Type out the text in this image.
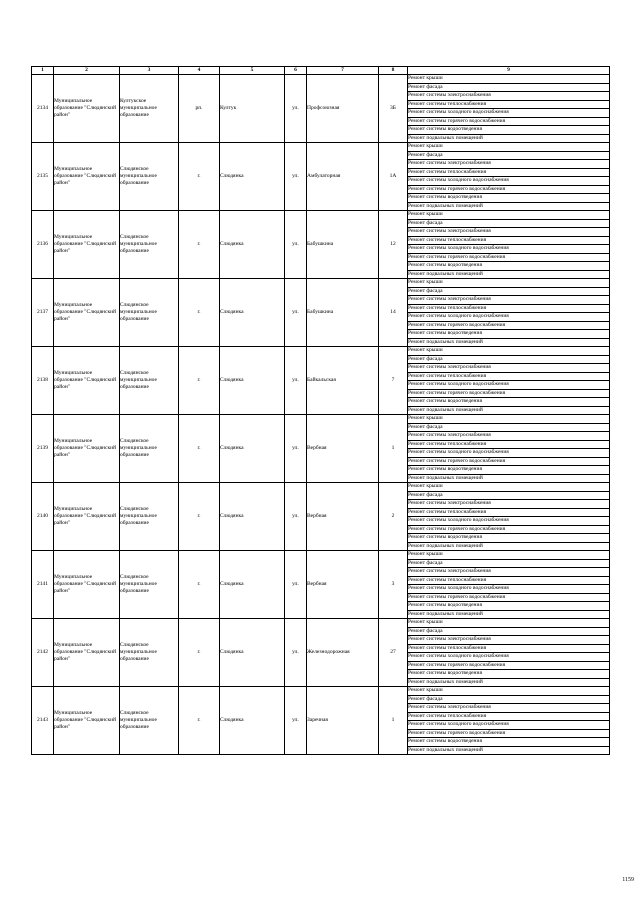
1	2	3	4	5	6	7	8	9
2134	Муниципальное образование "Слюдянский район"	Култукское муниципальное образование	рп.	Култук	ул.	Профсоюзная	3Б	Ремонт крыши
								Ремонт фасада
								Ремонт системы электроснабжения
								Ремонт системы теплоснабжения
								Ремонт системы холодного водоснабжения
								Ремонт системы горячего водоснабжения
								Ремонт системы водоотведения
								Ремонт подвальных помещений
2135	Муниципальное образование "Слюдянский район"	Слюдянское муниципальное образование	г.	Слюдянка	ул.	Амбулаторная	1А	Ремонт крыши
								Ремонт фасада
								Ремонт системы электроснабжения
								Ремонт системы теплоснабжения
								Ремонт системы холодного водоснабжения
								Ремонт системы горячего водоснабжения
								Ремонт системы водоотведения
								Ремонт подвальных помещений
2136	Муниципальное образование "Слюдянский район"	Слюдянское муниципальное образование	г.	Слюдянка	ул.	Бабушкина	12	Ремонт крыши
								Ремонт фасада
								Ремонт системы электроснабжения
								Ремонт системы теплоснабжения
								Ремонт системы холодного водоснабжения
								Ремонт системы горячего водоснабжения
								Ремонт системы водоотведения
								Ремонт подвальных помещений
2137	Муниципальное образование "Слюдянский район"	Слюдянское муниципальное образование	г.	Слюдянка	ул.	Бабушкина	14	Ремонт крыши
								Ремонт фасада
								Ремонт системы электроснабжения
								Ремонт системы теплоснабжения
								Ремонт системы холодного водоснабжения
								Ремонт системы горячего водоснабжения
								Ремонт системы водоотведения
								Ремонт подвальных помещений
2138	Муниципальное образование "Слюдянский район"	Слюдянское муниципальное образование	г.	Слюдянка	ул.	Байкальская	7	Ремонт крыши
								Ремонт фасада
								Ремонт системы электроснабжения
								Ремонт системы теплоснабжения
								Ремонт системы холодного водоснабжения
								Ремонт системы горячего водоснабжения
								Ремонт системы водоотведения
								Ремонт подвальных помещений
2139	Муниципальное образование "Слюдянский район"	Слюдянское муниципальное образование	г.	Слюдянка	ул.	Вербная	1	Ремонт крыши
								Ремонт фасада
								Ремонт системы электроснабжения
								Ремонт системы теплоснабжения
								Ремонт системы холодного водоснабжения
								Ремонт системы горячего водоснабжения
								Ремонт системы водоотведения
								Ремонт подвальных помещений
2140	Муниципальное образование "Слюдянский район"	Слюдянское муниципальное образование	г.	Слюдянка	ул.	Вербная	2	Ремонт крыши
								Ремонт фасада
								Ремонт системы электроснабжения
								Ремонт системы теплоснабжения
								Ремонт системы холодного водоснабжения
								Ремонт системы горячего водоснабжения
								Ремонт системы водоотведения
								Ремонт подвальных помещений
2141	Муниципальное образование "Слюдянский район"	Слюдянское муниципальное образование	г.	Слюдянка	ул.	Вербная	3	Ремонт крыши
								Ремонт фасада
								Ремонт системы электроснабжения
								Ремонт системы теплоснабжения
								Ремонт системы холодного водоснабжения
								Ремонт системы горячего водоснабжения
								Ремонт системы водоотведения
								Ремонт подвальных помещений
2142	Муниципальное образование "Слюдянский район"	Слюдянское муниципальное образование	г.	Слюдянка	ул.	Железнодорожная	27	Ремонт крыши
								Ремонт фасада
								Ремонт системы электроснабжения
								Ремонт системы теплоснабжения
								Ремонт системы холодного водоснабжения
								Ремонт системы горячего водоснабжения
								Ремонт системы водоотведения
								Ремонт подвальных помещений
2143	Муниципальное образование "Слюдянский район"	Слюдянское муниципальное образование	г.	Слюдянка	ул.	Заречная	1	Ремонт крыши
								Ремонт фасада
								Ремонт системы электроснабжения
								Ремонт системы теплоснабжения
								Ремонт системы холодного водоснабжения
								Ремонт системы горячего водоснабжения
								Ремонт системы водоотведения
								Ремонт подвальных помещений
1159
